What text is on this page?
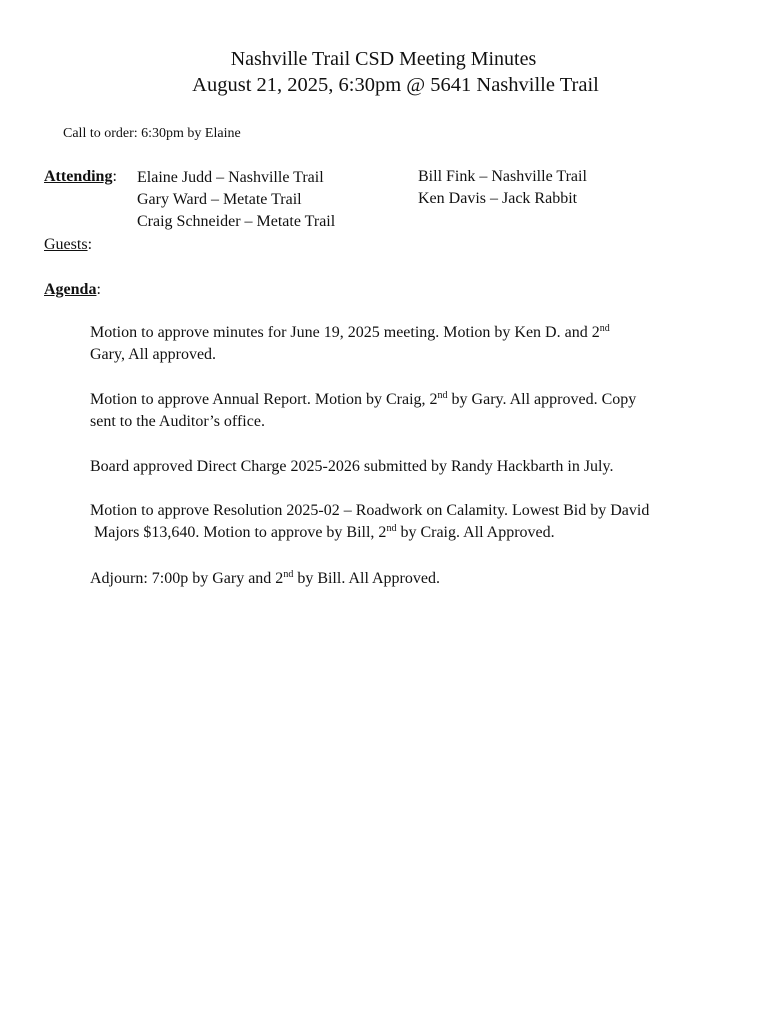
Nashville Trail CSD Meeting Minutes
August 21, 2025, 6:30pm @ 5641 Nashville Trail
Call to order: 6:30pm by Elaine
Attending: Elaine Judd – Nashville Trail
Gary Ward – Metate Trail
Craig Schneider – Metate Trail
Bill Fink – Nashville Trail
Ken Davis – Jack Rabbit
Guests:
Agenda:
Motion to approve minutes for June 19, 2025 meeting. Motion by Ken D. and 2nd
Gary, All approved.
Motion to approve Annual Report. Motion by Craig, 2nd by Gary. All approved. Copy
sent to the Auditor’s office.
Board approved Direct Charge 2025-2026 submitted by Randy Hackbarth in July.
Motion to approve Resolution 2025-02 – Roadwork on Calamity. Lowest Bid by David
Majors $13,640. Motion to approve by Bill, 2nd by Craig. All Approved.
Adjourn: 7:00p by Gary and 2nd by Bill. All Approved.
